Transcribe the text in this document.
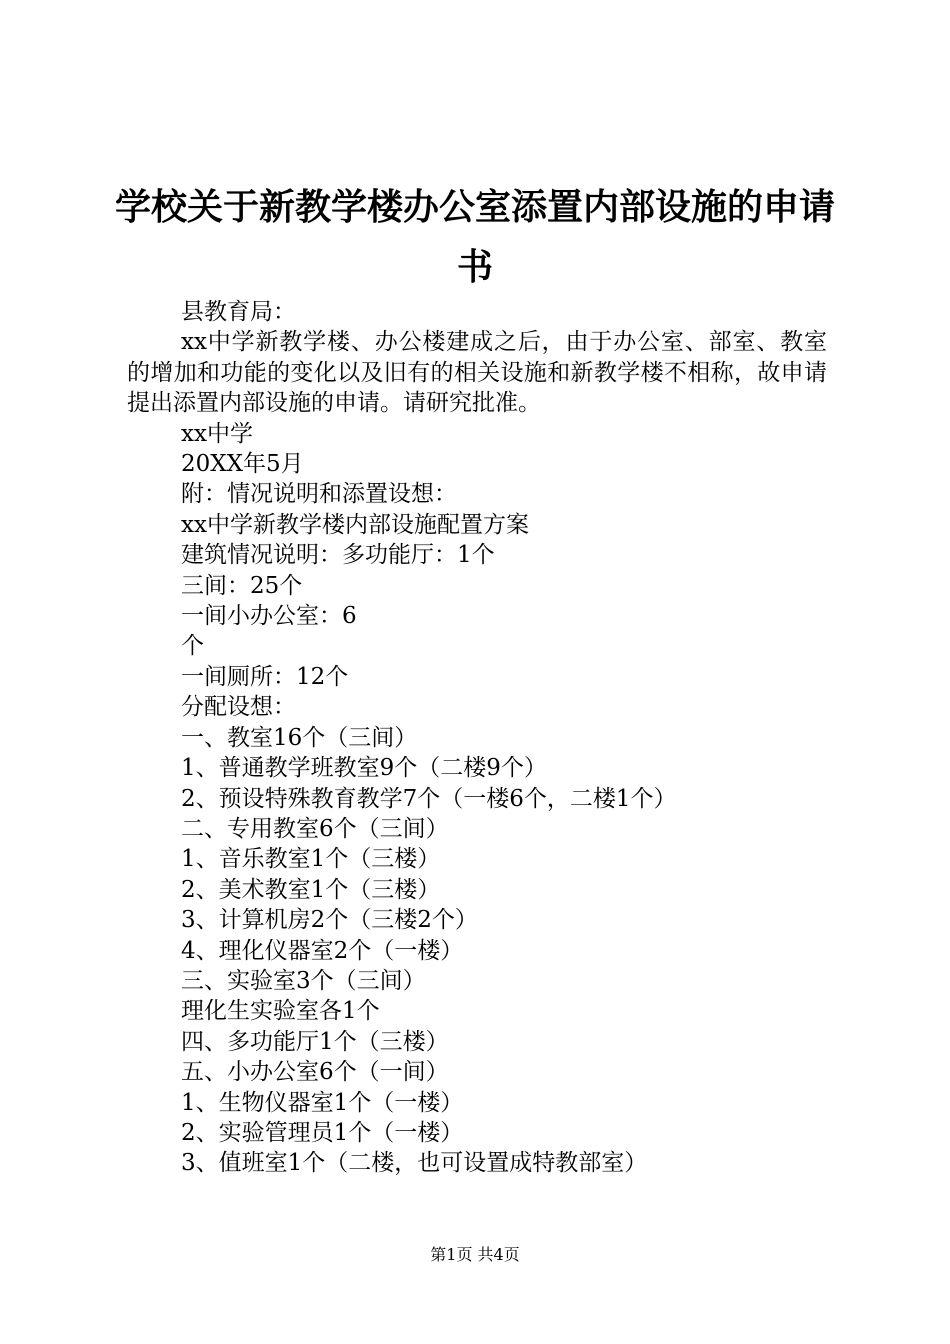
学校关于新教学楼办公室添置内部设施的申请书

县教育局：

xx中学新教学楼、办公楼建成之后，由于办公室、部室、教室的增加和功能的变化以及旧有的相关设施和新教学楼不相称，故申请提出添置内部设施的申请。请研究批准。

xx中学

20XX年5月

附：情况说明和添置设想：

xx中学新教学楼内部设施配置方案

建筑情况说明：多功能厅：1个

三间：25个

一间小办公室：6

个

一间厕所：12个

分配设想：

一、教室16个（三间）

1、普通教学班教室9个（二楼9个）

2、预设特殊教育教学7个（一楼6个，二楼1个）

二、专用教室6个（三间）

1、音乐教室1个（三楼）

2、美术教室1个（三楼）

3、计算机房2个（三楼2个）

4、理化仪器室2个（一楼）

三、实验室3个（三间）

理化生实验室各1个

四、多功能厅1个（三楼）

五、小办公室6个（一间）

1、生物仪器室1个（一楼）

2、实验管理员1个（一楼）

3、值班室1个（二楼，也可设置成特教部室）

第1页 共4页
